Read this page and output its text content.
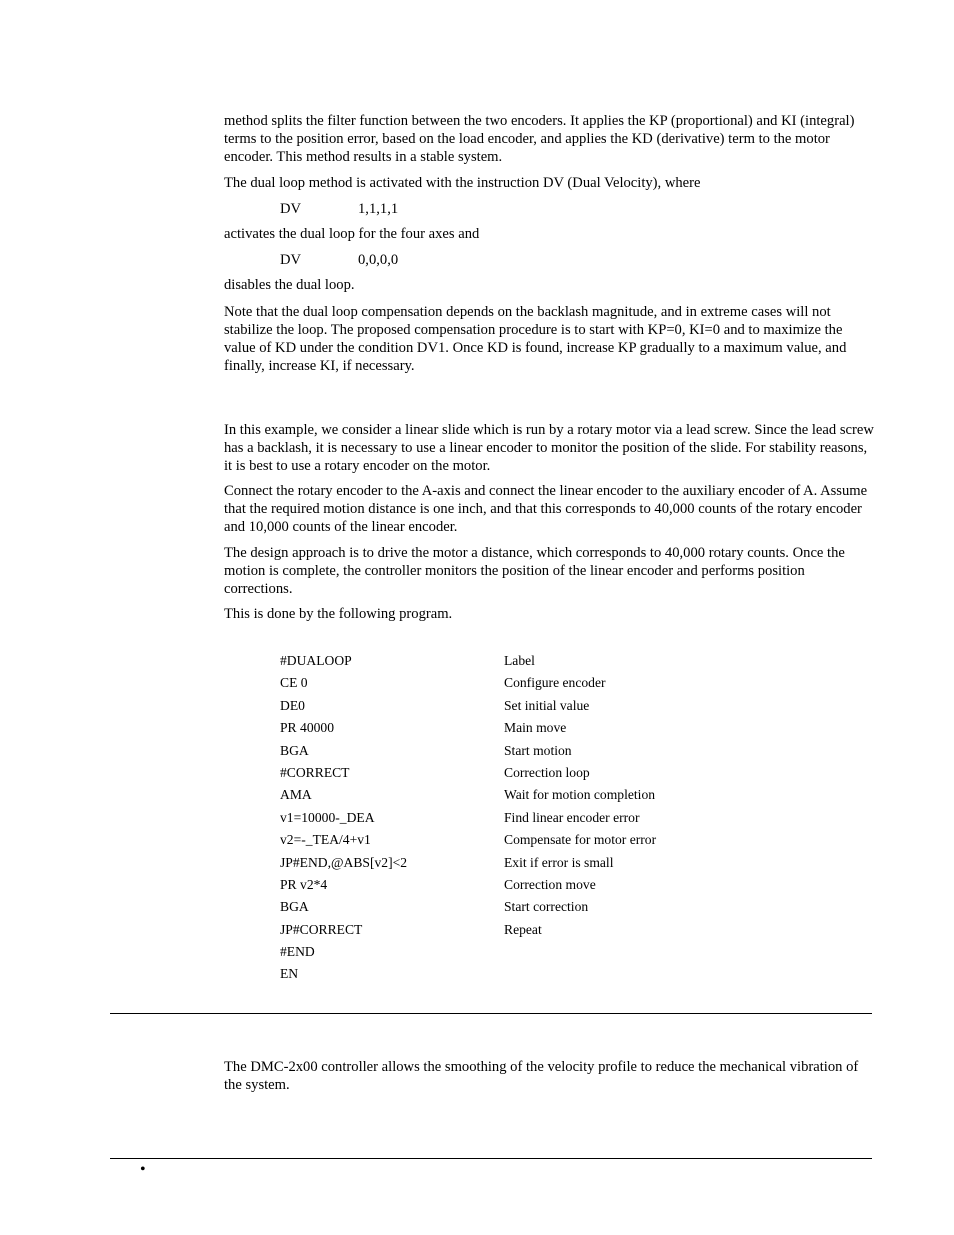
method splits the filter function between the two encoders. It applies the KP (proportional) and KI (integral) terms to the position error, based on the load encoder, and applies the KD (derivative) term to the motor encoder. This method results in a stable system.

The dual loop method is activated with the instruction DV (Dual Velocity), where

DV	1,1,1,1

activates the dual loop for the four axes and

DV	0,0,0,0

disables the dual loop.

Note that the dual loop compensation depends on the backlash magnitude, and in extreme cases will not stabilize the loop. The proposed compensation procedure is to start with KP=0, KI=0 and to maximize the value of KD under the condition DV1. Once KD is found, increase KP gradually to a maximum value, and finally, increase KI, if necessary.

In this example, we consider a linear slide which is run by a rotary motor via a lead screw. Since the lead screw has a backlash, it is necessary to use a linear encoder to monitor the position of the slide. For stability reasons, it is best to use a rotary encoder on the motor.

Connect the rotary encoder to the A-axis and connect the linear encoder to the auxiliary encoder of A. Assume that the required motion distance is one inch, and that this corresponds to 40,000 counts of the rotary encoder and 10,000 counts of the linear encoder.

The design approach is to drive the motor a distance, which corresponds to 40,000 rotary counts. Once the motion is complete, the controller monitors the position of the linear encoder and performs position corrections.

This is done by the following program.

#DUALOOP	Label
CE 0	Configure encoder
DE0	Set initial value
PR 40000	Main move
BGA	Start motion
#CORRECT	Correction loop
AMA	Wait for motion completion
v1=10000-_DEA	Find linear encoder error
v2=-_TEA/4+v1	Compensate for motor error
JP#END,@ABS[v2]<2	Exit if error is small
PR v2*4	Correction move
BGA	Start correction
JP#CORRECT	Repeat
#END
EN

The DMC-2x00 controller allows the smoothing of the velocity profile to reduce the mechanical vibration of the system.

•
